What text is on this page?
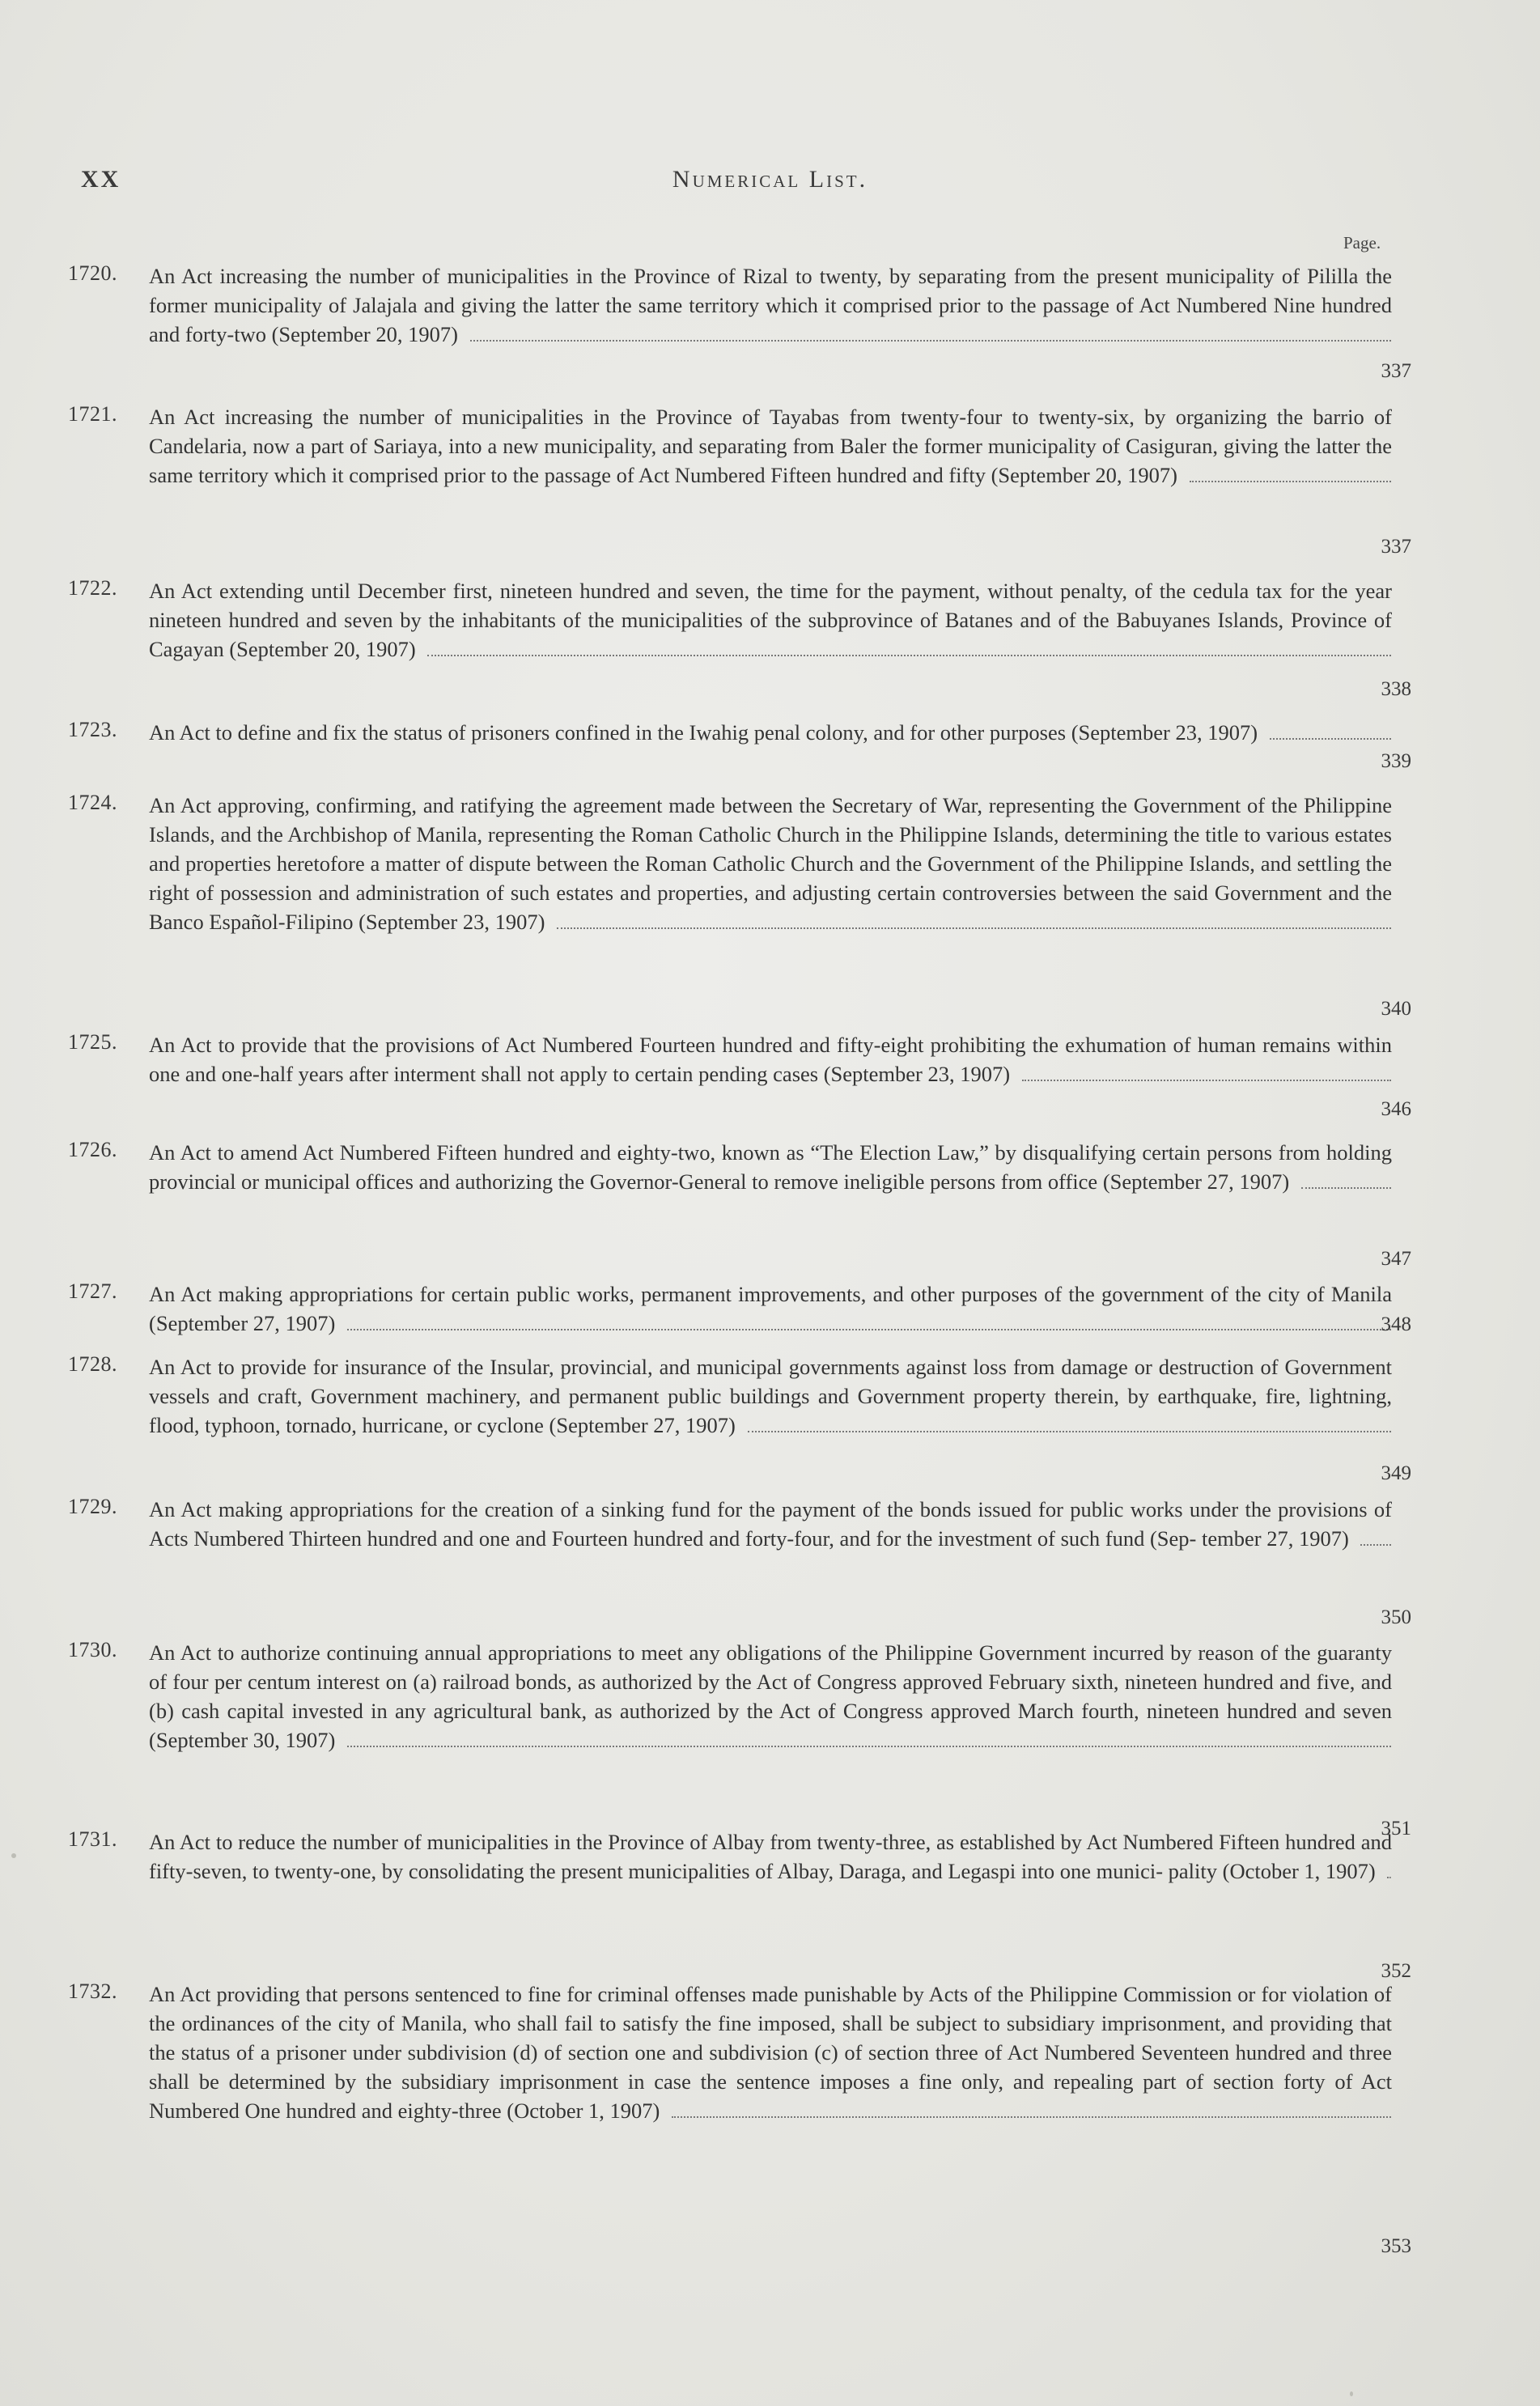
XX	Numerical List.
Page.
1720.	An Act increasing the number of municipalities in the Province of Rizal to twenty, by separating from the present municipality of Pililla the former municipality of Jalajala and giving the latter the same territory which it comprised prior to the passage of Act Numbered Nine hundred and forty-two (September 20, 1907)
337
1721.	An Act increasing the number of municipalities in the Province of Tayabas from twenty-four to twenty-six, by organizing the barrio of Candelaria, now a part of Sariaya, into a new municipality, and separating from Baler the former municipality of Casiguran, giving the latter the same territory which it comprised prior to the passage of Act Numbered Fifteen hundred and fifty (September 20, 1907)
337
1722.	An Act extending until December first, nineteen hundred and seven, the time for the payment, without penalty, of the cedula tax for the year nineteen hundred and seven by the inhabitants of the municipalities of the subprovince of Batanes and of the Babuyanes Islands, Province of Cagayan (September 20, 1907)
338
1723.	An Act to define and fix the status of prisoners confined in the Iwahig penal colony, and for other purposes (September 23, 1907)
339
1724.	An Act approving, confirming, and ratifying the agreement made between the Secretary of War, representing the Government of the Philippine Islands, and the Archbishop of Manila, representing the Roman Catholic Church in the Philippine Islands, determining the title to various estates and properties heretofore a matter of dispute between the Roman Catholic Church and the Government of the Philippine Islands, and settling the right of possession and administration of such estates and properties, and adjusting certain controversies between the said Government and the Banco Español-Filipino (September 23, 1907)
340
1725.	An Act to provide that the provisions of Act Numbered Fourteen hundred and fifty-eight prohibiting the exhumation of human remains within one and one-half years after interment shall not apply to certain pending cases (September 23, 1907)
346
1726.	An Act to amend Act Numbered Fifteen hundred and eighty-two, known as “The Election Law,” by disqualifying certain persons from holding provincial or municipal offices and authorizing the Governor-General to remove ineligible persons from office (September 27, 1907)
347
1727.	An Act making appropriations for certain public works, permanent improvements, and other purposes of the government of the city of Manila (September 27, 1907)	348
1728.	An Act to provide for insurance of the Insular, provincial, and municipal governments against loss from damage or destruction of Government vessels and craft, Government machinery, and permanent public buildings and Government property therein, by earthquake, fire, lightning, flood, typhoon, tornado, hurricane, or cyclone (September 27, 1907)
349
1729.	An Act making appropriations for the creation of a sinking fund for the payment of the bonds issued for public works under the provisions of Acts Numbered Thirteen hundred and one and Fourteen hundred and forty-four, and for the investment of such fund (Sep- tember 27, 1907)
350
1730.	An Act to authorize continuing annual appropriations to meet any obligations of the Philippine Government incurred by reason of the guaranty of four per centum interest on (a) railroad bonds, as authorized by the Act of Congress approved February sixth, nineteen hundred and five, and (b) cash capital invested in any agricultural bank, as authorized by the Act of Congress approved March fourth, nineteen hundred and seven (September 30, 1907)
351
1731.	An Act to reduce the number of municipalities in the Province of Albay from twenty-three, as established by Act Numbered Fifteen hundred and fifty-seven, to twenty-one, by consolidating the present municipalities of Albay, Daraga, and Legaspi into one munici- pality (October 1, 1907)
352
1732.	An Act providing that persons sentenced to fine for criminal offenses made punishable by Acts of the Philippine Commission or for violation of the ordinances of the city of Manila, who shall fail to satisfy the fine imposed, shall be subject to subsidiary imprisonment, and providing that the status of a prisoner under subdivision (d) of section one and subdivision (c) of section three of Act Numbered Seventeen hundred and three shall be determined by the subsidiary imprisonment in case the sentence imposes a fine only, and repealing part of section forty of Act Numbered One hundred and eighty-three (October 1, 1907)
353
